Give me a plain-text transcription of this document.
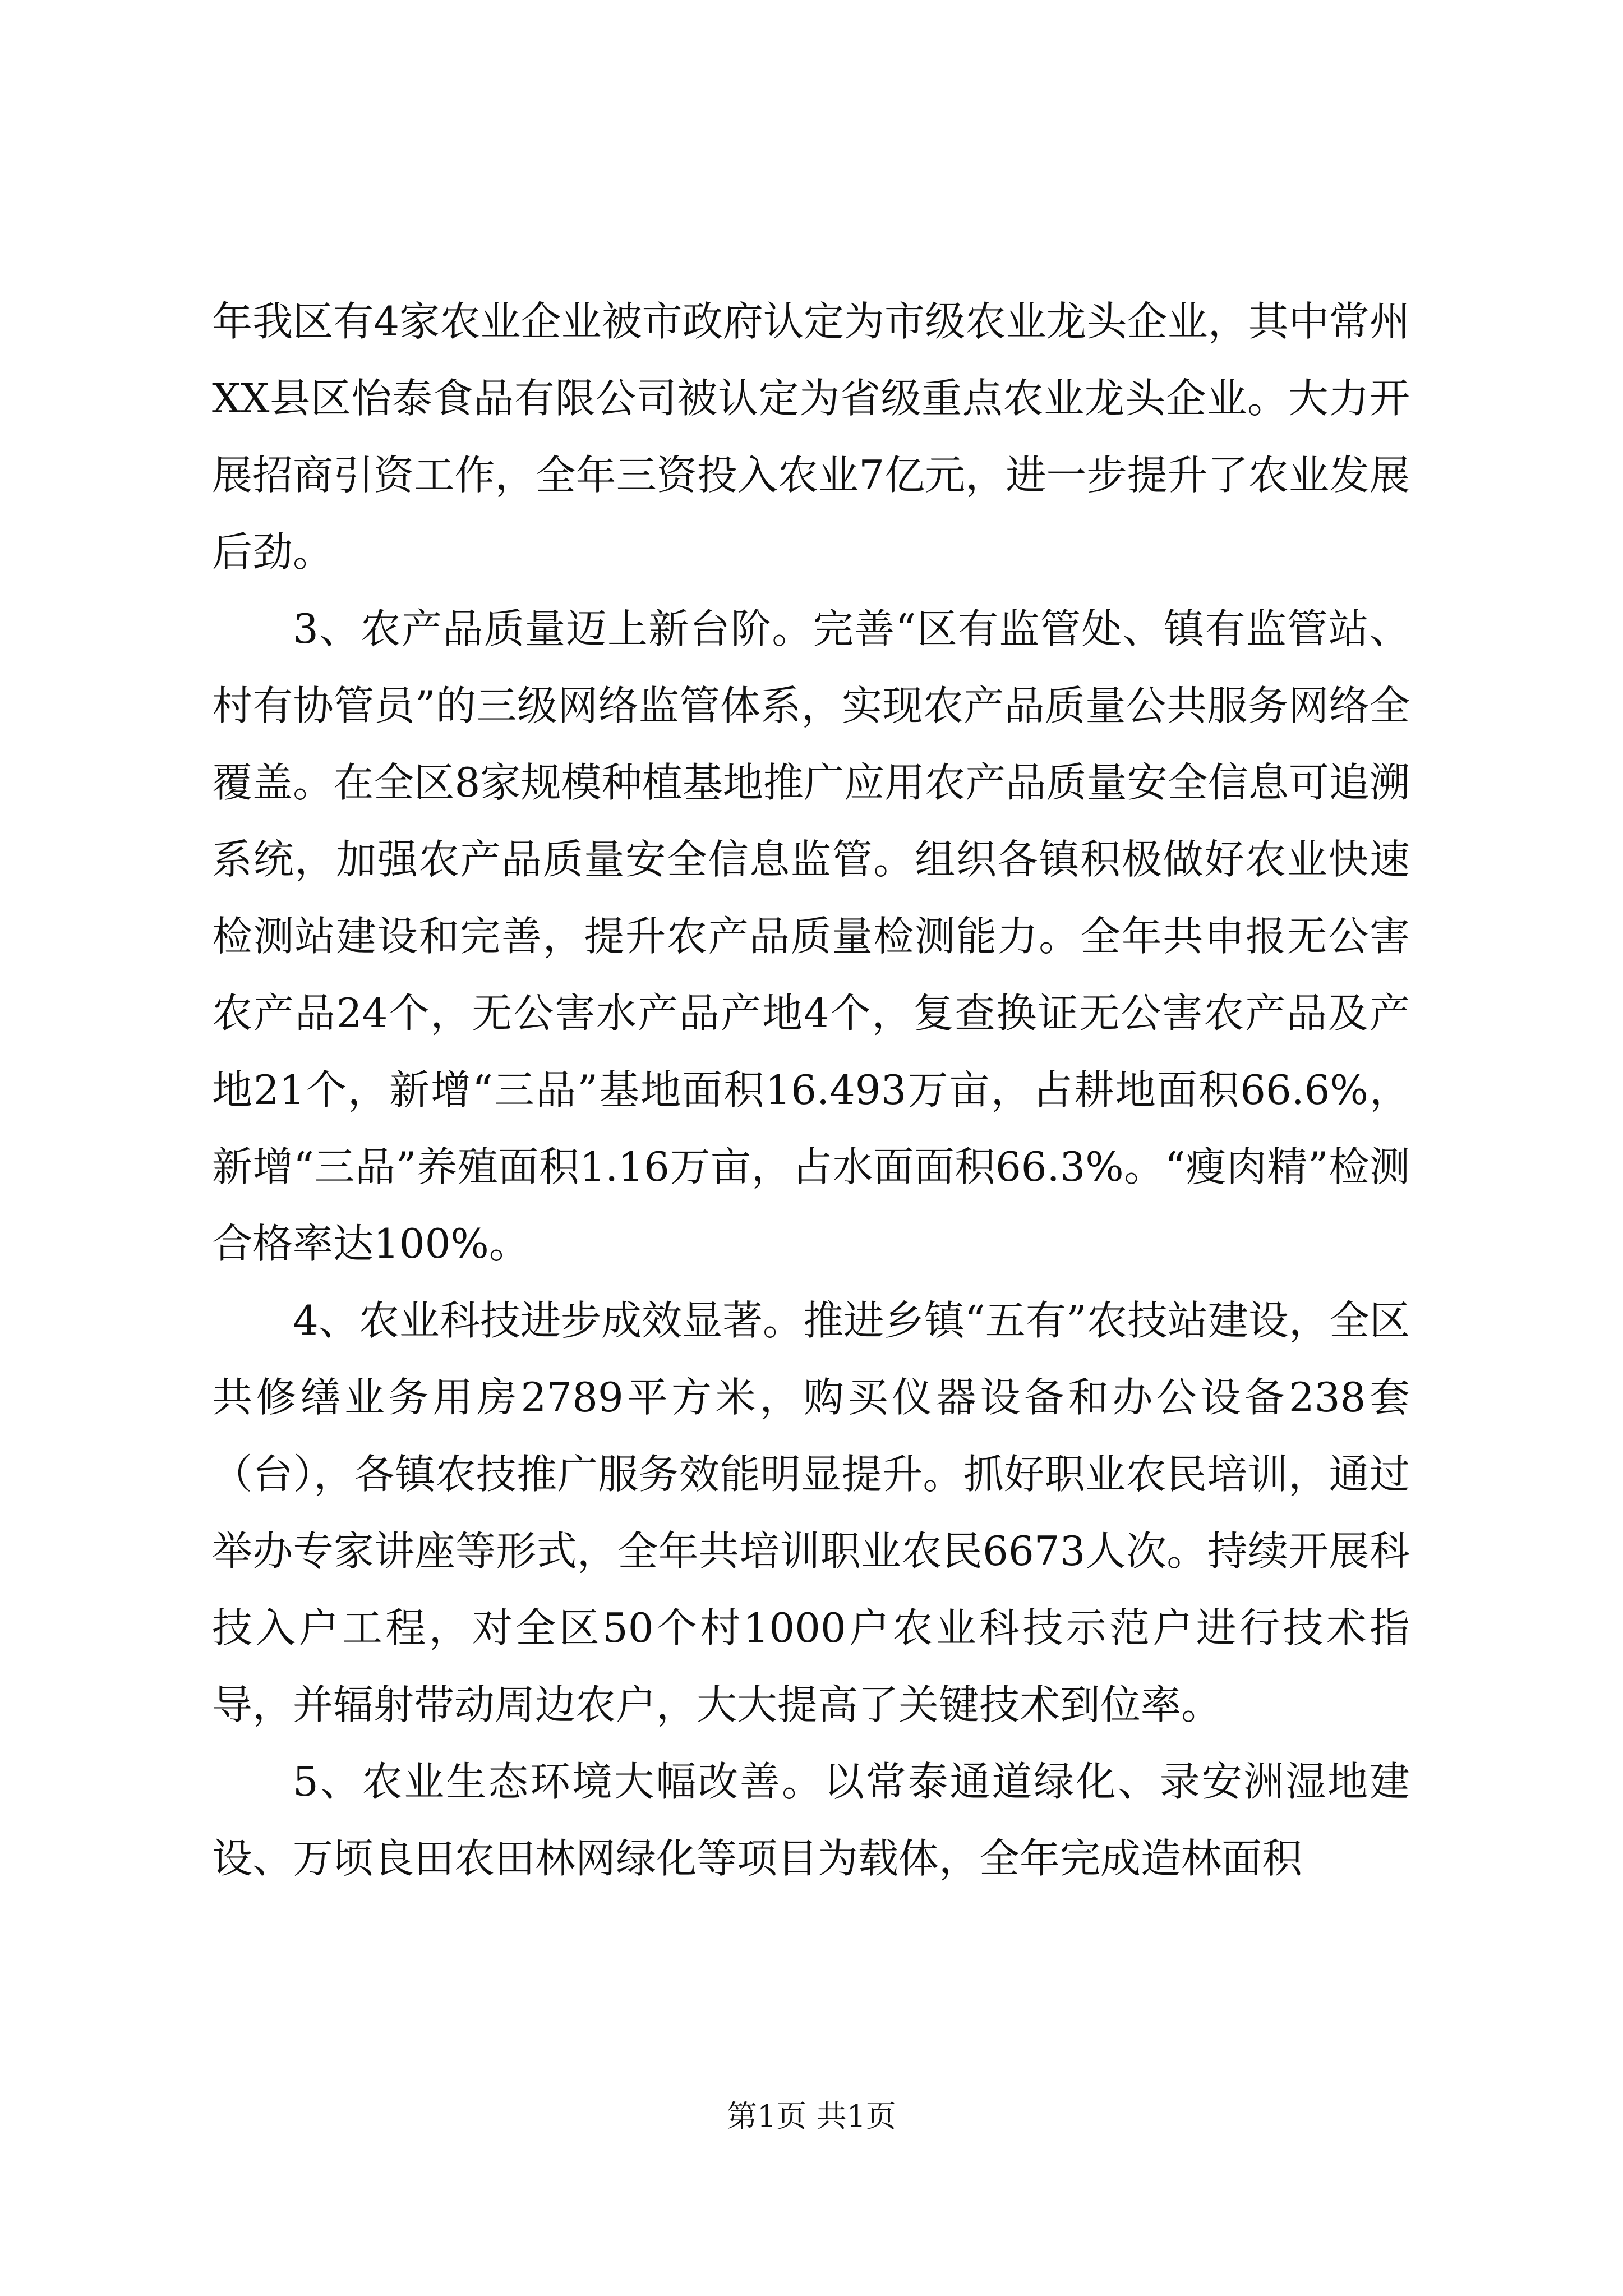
年我区有4家农业企业被市政府认定为市级农业龙头企业，其中常州XX县区怡泰食品有限公司被认定为省级重点农业龙头企业。大力开展招商引资工作，全年三资投入农业7亿元，进一步提升了农业发展后劲。

3、农产品质量迈上新台阶。完善“区有监管处、镇有监管站、村有协管员”的三级网络监管体系，实现农产品质量公共服务网络全覆盖。在全区8家规模种植基地推广应用农产品质量安全信息可追溯系统，加强农产品质量安全信息监管。组织各镇积极做好农业快速检测站建设和完善，提升农产品质量检测能力。全年共申报无公害农产品24个，无公害水产品产地4个，复查换证无公害农产品及产地21个，新增“三品”基地面积16.493万亩，占耕地面积66.6%，新增“三品”养殖面积1.16万亩，占水面面积66.3%。“瘦肉精”检测合格率达100%。

4、农业科技进步成效显著。推进乡镇“五有”农技站建设，全区共修缮业务用房2789平方米，购买仪器设备和办公设备238套（台），各镇农技推广服务效能明显提升。抓好职业农民培训，通过举办专家讲座等形式，全年共培训职业农民6673人次。持续开展科技入户工程，对全区50个村1000户农业科技示范户进行技术指导，并辐射带动周边农户，大大提高了关键技术到位率。

5、农业生态环境大幅改善。以常泰通道绿化、录安洲湿地建设、万顷良田农田林网绿化等项目为载体，全年完成造林面积

第1页 共1页
